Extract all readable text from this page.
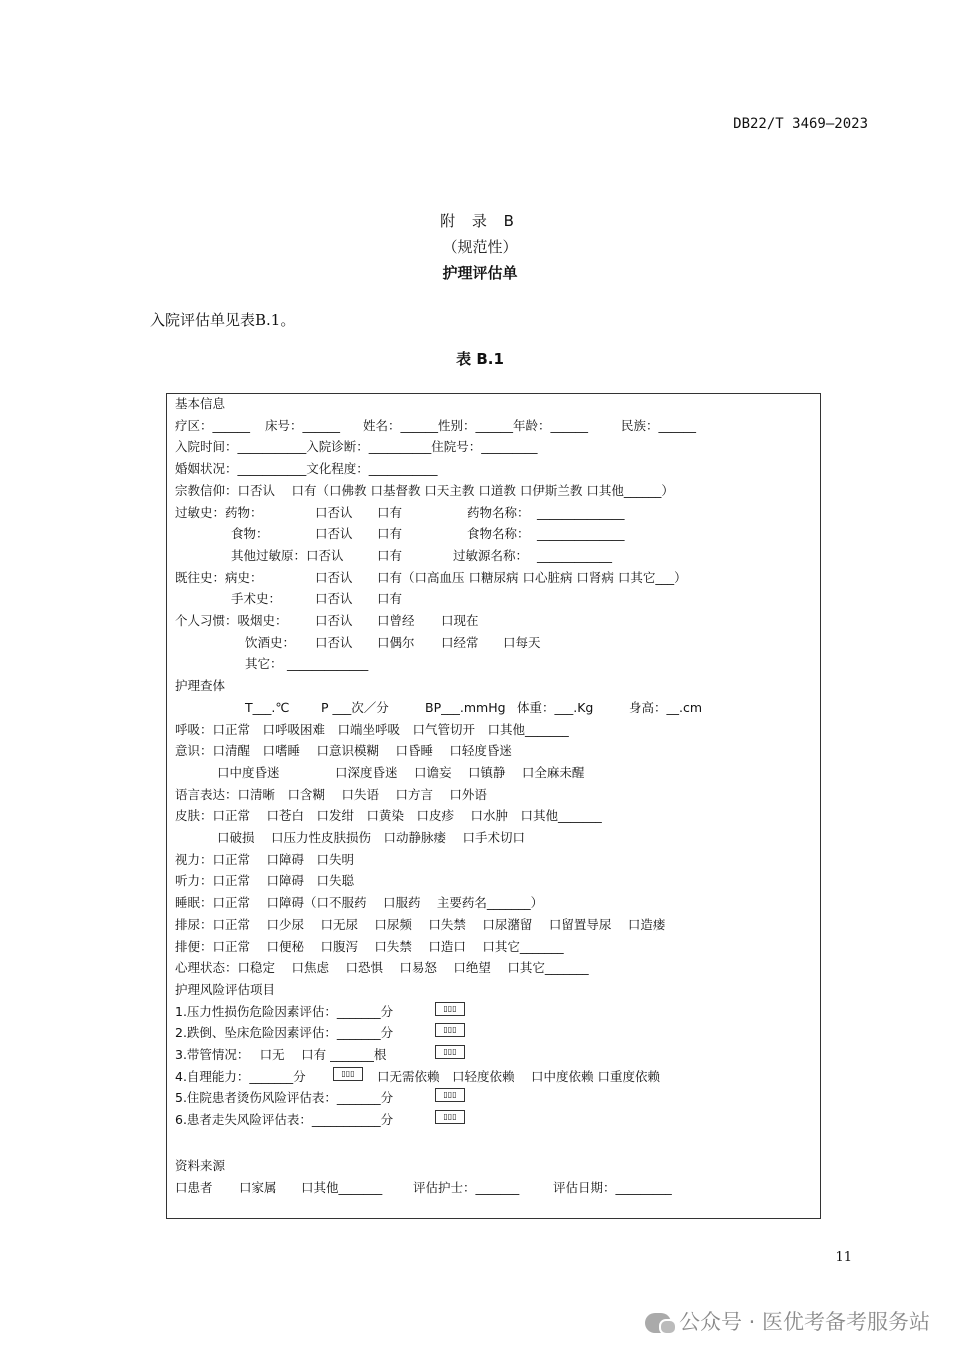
DB22/T 3469—2023
附 录 B
（规范性）
护理评估单
入院评估单见表B.1。
表 B.1
基本信息
疗区：______ 床号：______ 姓名：______性别：______年龄：______	民族：______
入院时间：___________入院诊断：__________住院号：_________
婚姻状况：___________文化程度：___________
宗教信仰：口否认　 口有（口佛教 口基督教 口天主教 口道教 口伊斯兰教 口其他______）
过敏史：药物：	口否认 口有	药物名称： ______________
食物：	口否认 口有	食物名称： ______________
其他过敏原：口否认	口有	过敏源名称： ____________
既往史：病史：	口否认 口有（口高血压 口糖尿病 口心脏病 口肾病 口其它___）
手术史：	口否认 口有
个人习惯：吸烟史： 口否认 口曾经 口现在
饮酒史： 口否认 口偶尔 口经常 口每天
其它： _____________
护理查体
T___.℃	P ___次／分	BP___.mmHg 体重：___.Kg	身高：__.cm
呼吸：口正常　口呼吸困难　口端坐呼吸　口气管切开　口其他_______
意识：口清醒　口嗜睡　 口意识模糊　 口昏睡　 口轻度昏迷
口中度昏迷	口深度昏迷　 口谵妄　 口镇静　 口全麻未醒
语言表达：口清晰　口含糊　 口失语　 口方言　 口外语
皮肤：口正常　 口苍白　口发绀　口黄染　口皮疹　 口水肿　口其他_______
口破损　 口压力性皮肤损伤　口动静脉瘘　 口手术切口
视力：口正常　 口障碍　口失明
听力：口正常　 口障碍　口失聪
睡眠：口正常　 口障碍（口不服药　 口服药　 主要药名_______）
排尿：口正常　 口少尿　 口无尿　 口尿频　 口失禁　 口尿潴留　 口留置导尿　 口造瘘
排便：口正常　 口便秘　 口腹泻　 口失禁　 口造口　 口其它_______
心理状态：口稳定　 口焦虑　 口恐惧　 口易怒　 口绝望　 口其它_______
护理风险评估项目
1.压力性损伤危险因素评估：_______分	▯▯▯
2.跌倒、坠床危险因素评估：_______分	▯▯▯
3.带管情况：　 口无　 口有 _______根	▯▯▯
4.自理能力：_______分	▯▯▯	口无需依赖　口轻度依赖　 口中度依赖 口重度依赖
5.住院患者烫伤风险评估表：_______分	▯▯▯
6.患者走失风险评估表：___________分	▯▯▯
资料来源
口患者 口家属 口其他_______ 评估护士：_______	评估日期：_________
11
公众号 · 医优考备考服务站
